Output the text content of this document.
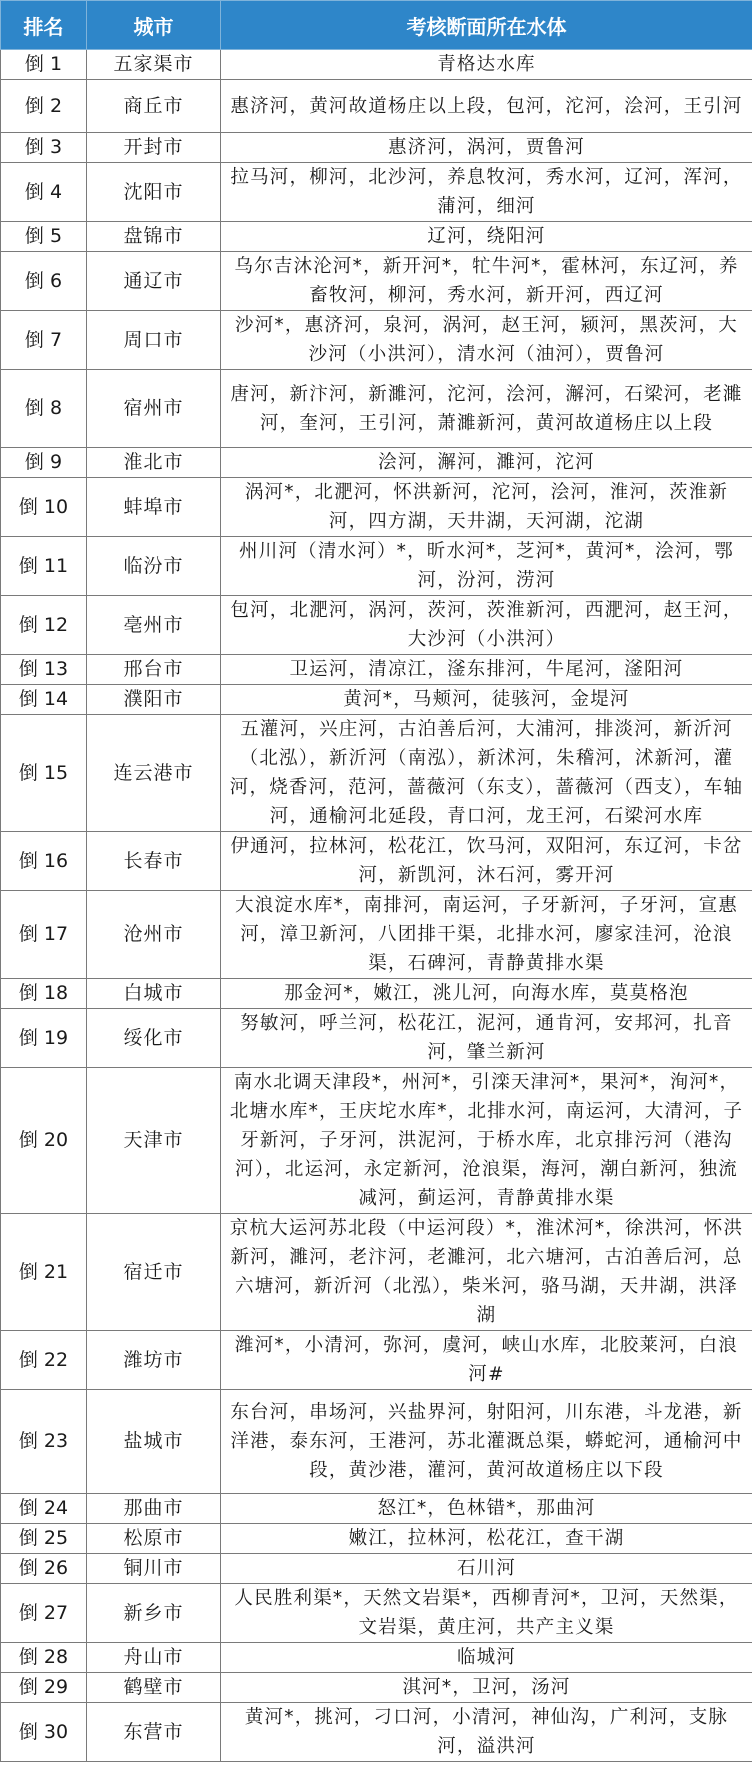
排名	城市	考核断面所在水体
倒 1	五家渠市	青格达水库
倒 2	商丘市	惠济河，黄河故道杨庄以上段，包河，沱河，浍河，王引河
倒 3	开封市	惠济河，涡河，贾鲁河
倒 4	沈阳市	拉马河，柳河，北沙河，养息牧河，秀水河，辽河，浑河，蒲河，细河
倒 5	盘锦市	辽河，绕阳河
倒 6	通辽市	乌尔吉沐沦河*，新开河*，牤牛河*，霍林河，东辽河，养畜牧河，柳河，秀水河，新开河，西辽河
倒 7	周口市	沙河*，惠济河，泉河，涡河，赵王河，颍河，黑茨河，大沙河（小洪河），清水河（油河），贾鲁河
倒 8	宿州市	唐河，新汴河，新濉河，沱河，浍河，澥河，石梁河，老濉河，奎河，王引河，萧濉新河，黄河故道杨庄以上段
倒 9	淮北市	浍河，澥河，濉河，沱河
倒 10	蚌埠市	涡河*，北淝河，怀洪新河，沱河，浍河，淮河，茨淮新河，四方湖，天井湖，天河湖，沱湖
倒 11	临汾市	州川河（清水河）*，昕水河*，芝河*，黄河*，浍河，鄂河，汾河，涝河
倒 12	亳州市	包河，北淝河，涡河，茨河，茨淮新河，西淝河，赵王河，大沙河（小洪河）
倒 13	邢台市	卫运河，清凉江，滏东排河，牛尾河，滏阳河
倒 14	濮阳市	黄河*，马颊河，徒骇河，金堤河
倒 15	连云港市	五灌河，兴庄河，古泊善后河，大浦河，排淡河，新沂河（北泓），新沂河（南泓），新沭河，朱稽河，沭新河，灌河，烧香河，范河，蔷薇河（东支），蔷薇河（西支），车轴河，通榆河北延段，青口河，龙王河，石梁河水库
倒 16	长春市	伊通河，拉林河，松花江，饮马河，双阳河，东辽河，卡岔河，新凯河，沐石河，雾开河
倒 17	沧州市	大浪淀水库*，南排河，南运河，子牙新河，子牙河，宣惠河，漳卫新河，八团排干渠，北排水河，廖家洼河，沧浪渠，石碑河，青静黄排水渠
倒 18	白城市	那金河*，嫩江，洮儿河，向海水库，莫莫格泡
倒 19	绥化市	努敏河，呼兰河，松花江，泥河，通肯河，安邦河，扎音河，肇兰新河
倒 20	天津市	南水北调天津段*，州河*，引滦天津河*，果河*，洵河*，北塘水库*，王庆坨水库*，北排水河，南运河，大清河，子牙新河，子牙河，洪泥河，于桥水库，北京排污河（港沟河），北运河，永定新河，沧浪渠，海河，潮白新河，独流减河，蓟运河，青静黄排水渠
倒 21	宿迁市	京杭大运河苏北段（中运河段）*，淮沭河*，徐洪河，怀洪新河，濉河，老汴河，老濉河，北六塘河，古泊善后河，总六塘河，新沂河（北泓），柴米河，骆马湖，天井湖，洪泽湖
倒 22	潍坊市	潍河*，小清河，弥河，虞河，峡山水库，北胶莱河，白浪河#
倒 23	盐城市	东台河，串场河，兴盐界河，射阳河，川东港，斗龙港，新洋港，泰东河，王港河，苏北灌溉总渠，蟒蛇河，通榆河中段，黄沙港，灌河，黄河故道杨庄以下段
倒 24	那曲市	怒江*，色林错*，那曲河
倒 25	松原市	嫩江，拉林河，松花江，查干湖
倒 26	铜川市	石川河
倒 27	新乡市	人民胜利渠*，天然文岩渠*，西柳青河*，卫河，天然渠，文岩渠，黄庄河，共产主义渠
倒 28	舟山市	临城河
倒 29	鹤壁市	淇河*，卫河，汤河
倒 30	东营市	黄河*，挑河，刁口河，小清河，神仙沟，广利河，支脉河，溢洪河
